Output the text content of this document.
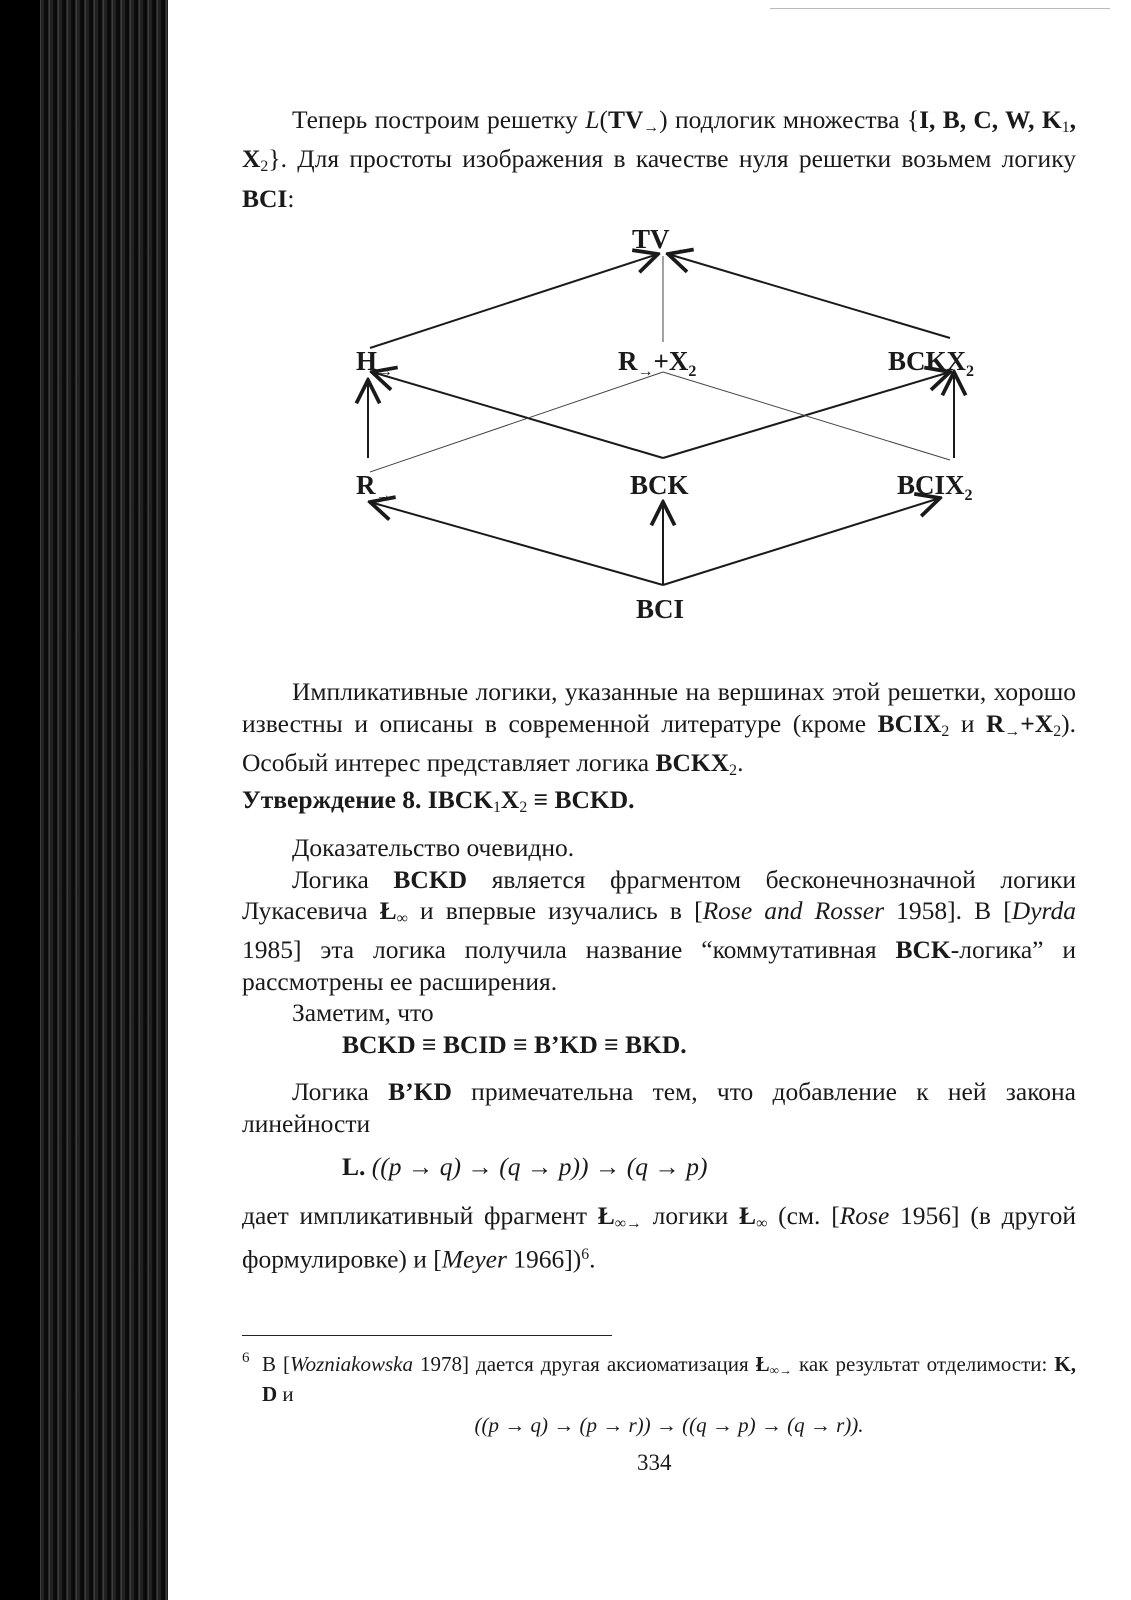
Теперь построим решетку $L(TV_\to)$ подлогик множества {I, B, C, W, $K_1$, $X_2$}. Для простоты изображения в качестве нуля решетки возьмем логику BCI:

$TV_\to$
$H_\to$	$R_\to+X_2$	$BCKX_2$
$R_\to$	BCK	$BCIX_2$
BCI

Импликативные логики, указанные на вершинах этой решетки, хорошо известны и описаны в современной литературе (кроме $BCIX_2$ и $R_\to+X_2$). Особый интерес представляет логика $BCKX_2$.

Утверждение 8. $IBCK_1X_2$ ≡ BCKD.

Доказательство очевидно.

Логика BCKD является фрагментом бесконечнозначной логики Лукасевича $Ł_\infty$ и впервые изучались в [Rose and Rosser 1958]. В [Dyrda 1985] эта логика получила название “коммутативная BCK-логика” и рассмотрены ее расширения.

Заметим, что

BCKD ≡ BCID ≡ B’KD ≡ BKD.

Логика B’KD примечательна тем, что добавление к ней закона линейности

L. ((p → q) → (q → p)) → (q → p)

дает импликативный фрагмент $Ł_{\infty\to}$ логики $Ł_\infty$ (см. [Rose 1956] (в другой формулировке) и [Meyer 1966])$^6$.

6 В [Wozniakowska 1978] дается другая аксиоматизация $Ł_{\infty\to}$ как результат отделимости: K, D и

((p → q) → (p → r)) → ((q → p) → (q → r)).

334
